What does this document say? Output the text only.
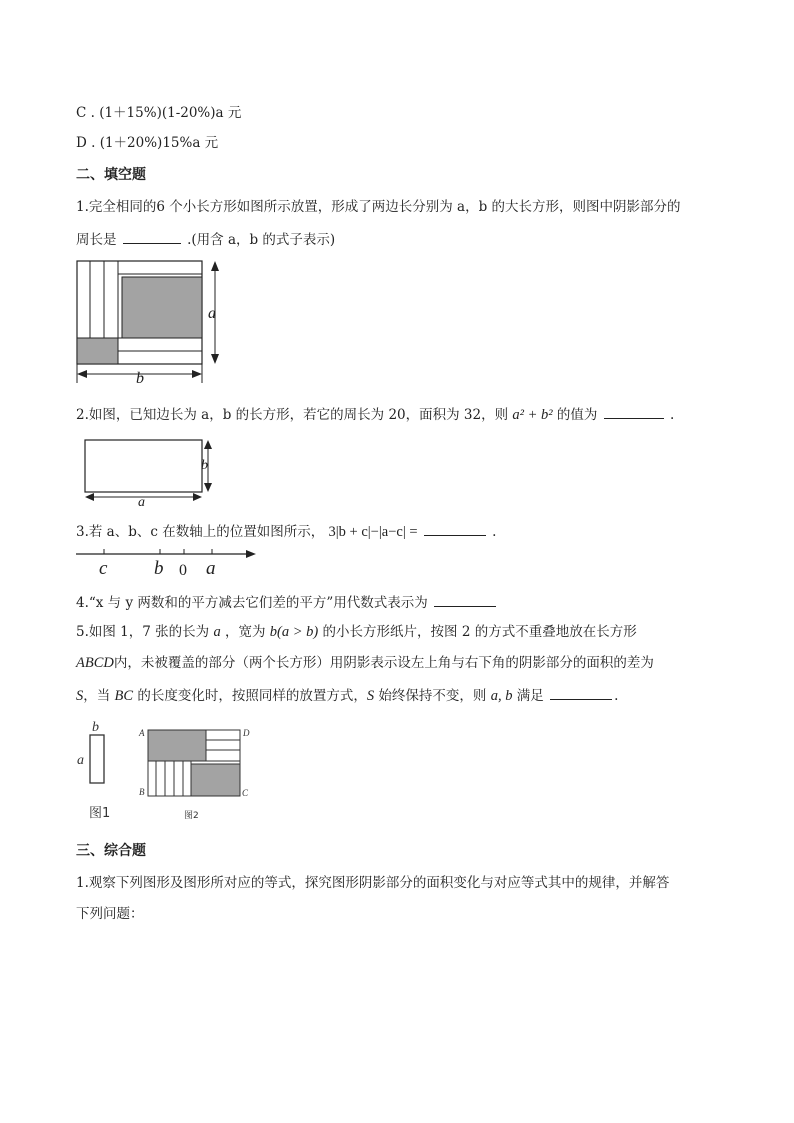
C . (1＋15%)(1-20%)a 元
D . (1＋20%)15%a 元
二、填空题
1.完全相同的6 个小长方形如图所示放置，形成了两边长分别为 a，b 的大长方形，则图中阴影部分的
周长是	.(用含 a，b 的式子表示)
a
b
2.如图，已知边长为 a，b 的长方形，若它的周长为 20，面积为 32，则 a² + b² 的值为	.
b
a
3.若 a、b、c 在数轴上的位置如图所示， 3|b + c|−|a−c| =	.
c b 0 a
4.“x 与 y 两数和的平方减去它们差的平方”用代数式表示为
5.如图 1，7 张的长为 a ，宽为 b(a > b) 的小长方形纸片，按图 2 的方式不重叠地放在长方形
ABCD内，未被覆盖的部分（两个长方形）用阴影表示设左上角与右下角的阴影部分的面积的差为
S，当 BC 的长度变化时，按照同样的放置方式，S 始终保持不变，则 a, b 满足	.
b
a
图1
A	D
B	C
图2
三、综合题
1.观察下列图形及图形所对应的等式，探究图形阴影部分的面积变化与对应等式其中的规律，并解答
下列问题：
